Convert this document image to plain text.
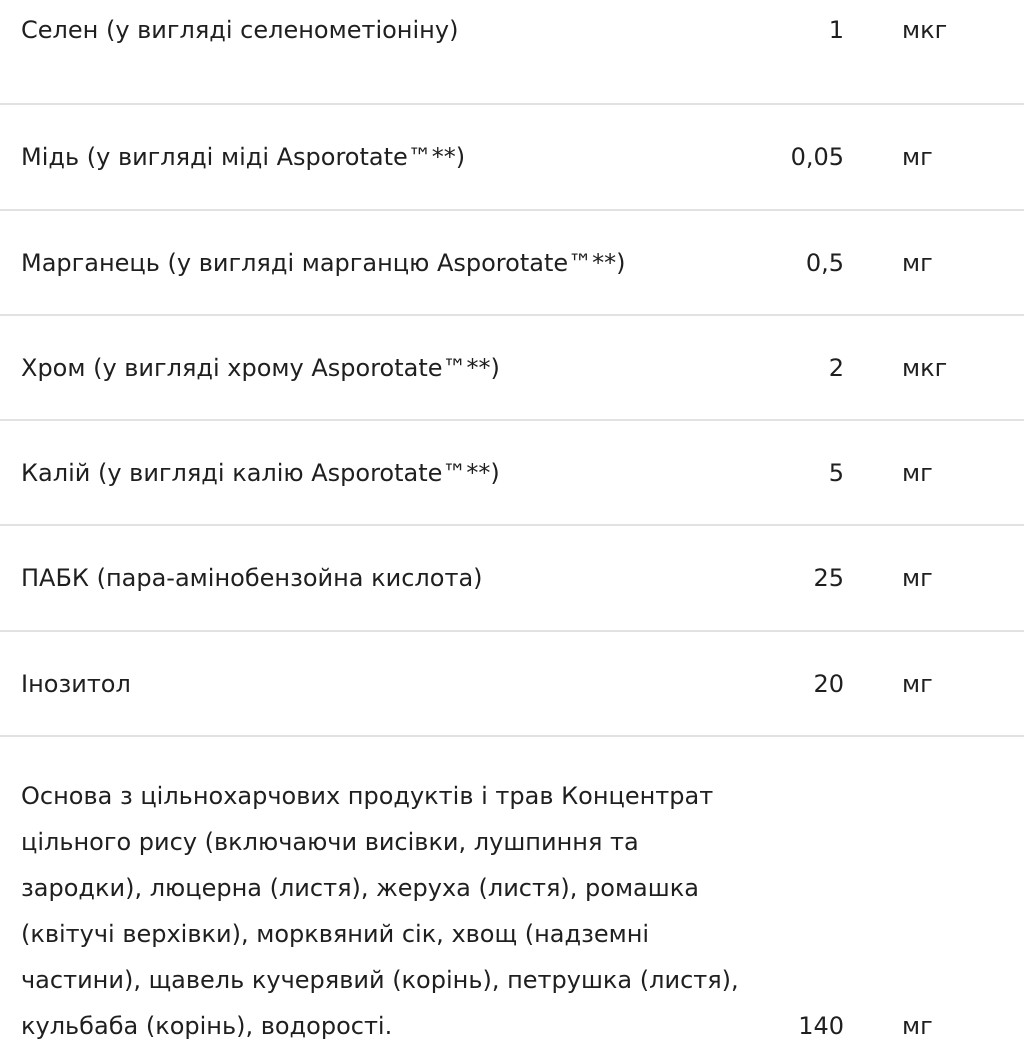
Селен (у вигляді селенометіоніну)	1 мкг
Мідь (у вигляді міді Asporotate™**)	0,05 мг
Марганець (у вигляді марганцю Asporotate™**)	0,5 мг
Хром (у вигляді хрому Asporotate™**)	2 мкг
Калій (у вигляді калію Asporotate™**)	5 мг
ПАБК (пара-амінобензойна кислота)	25 мг
Інозитол	20 мг
Основа з цільнохарчових продуктів і трав Концентрат цільного рису (включаючи висівки, лушпиння та зародки), люцерна (листя), жеруха (листя), ромашка (квітучі верхівки), морквяний сік, хвощ (надземні частини), щавель кучерявий (корінь), петрушка (листя), кульбаба (корінь), водорості.	140 мг
